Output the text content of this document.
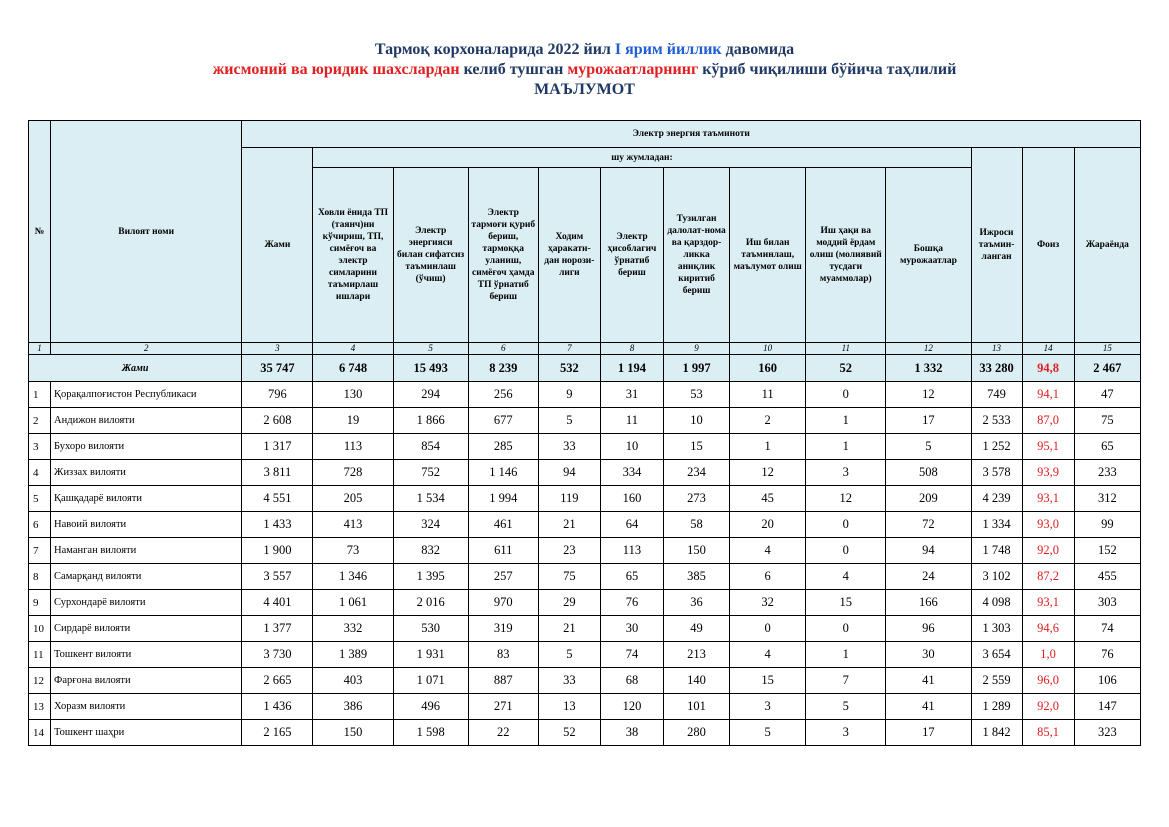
Тармоқ корхоналарида 2022 йил I ярим йиллик давомида
жисмоний ва юридик шахслардан келиб тушган мурожаатларнинг кўриб чиқилиши бўйича таҳлилий
МАЪЛУМОТ
№	Вилоят номи	Электр энергия таъминоти												
		Жами	шу жумладан:									Ижроси таъмин-ланган	Фоиз	Жараёнда
			Ховли ёнида ТП (таянч)ни кўчириш, ТП, симёғоч ва электр симларини таъмирлаш ишлари	Электр энергияси билан сифатсиз таъминлаш (ўчиш)	Электр тармоғи қуриб бериш, тармоққа уланиш, симёғоч ҳамда ТП ўрнатиб бериш	Ходим ҳаракати-дан норози-лиги	Электр ҳисоблагич ўрнатиб бериш	Тузилган далолат-нома ва қарздор-ликка аниқлик киритиб бериш	Иш билан таъминлаш, маълумот олиш	Иш ҳақи ва моддий ёрдам олиш (молиявий тусдаги муаммолар)	Бошқа мурожаатлар			
1	2	3	4	5	6	7	8	9	10	11	12	13	14	15
Жами		35 747	6 748	15 493	8 239	532	1 194	1 997	160	52	1 332	33 280	94,8	2 467
1	Қорақалпоғистон Республикаси	796	130	294	256	9	31	53	11	0	12	749	94,1	47
2	Андижон вилояти	2 608	19	1 866	677	5	11	10	2	1	17	2 533	87,0	75
3	Бухоро вилояти	1 317	113	854	285	33	10	15	1	1	5	1 252	95,1	65
4	Жиззах вилояти	3 811	728	752	1 146	94	334	234	12	3	508	3 578	93,9	233
5	Қашқадарё вилояти	4 551	205	1 534	1 994	119	160	273	45	12	209	4 239	93,1	312
6	Навоий вилояти	1 433	413	324	461	21	64	58	20	0	72	1 334	93,0	99
7	Наманган вилояти	1 900	73	832	611	23	113	150	4	0	94	1 748	92,0	152
8	Самарқанд вилояти	3 557	1 346	1 395	257	75	65	385	6	4	24	3 102	87,2	455
9	Сурхондарё вилояти	4 401	1 061	2 016	970	29	76	36	32	15	166	4 098	93,1	303
10	Сирдарё вилояти	1 377	332	530	319	21	30	49	0	0	96	1 303	94,6	74
11	Тошкент вилояти	3 730	1 389	1 931	83	5	74	213	4	1	30	3 654	1,0	76
12	Фарғона вилояти	2 665	403	1 071	887	33	68	140	15	7	41	2 559	96,0	106
13	Хоразм вилояти	1 436	386	496	271	13	120	101	3	5	41	1 289	92,0	147
14	Тошкент шаҳри	2 165	150	1 598	22	52	38	280	5	3	17	1 842	85,1	323
